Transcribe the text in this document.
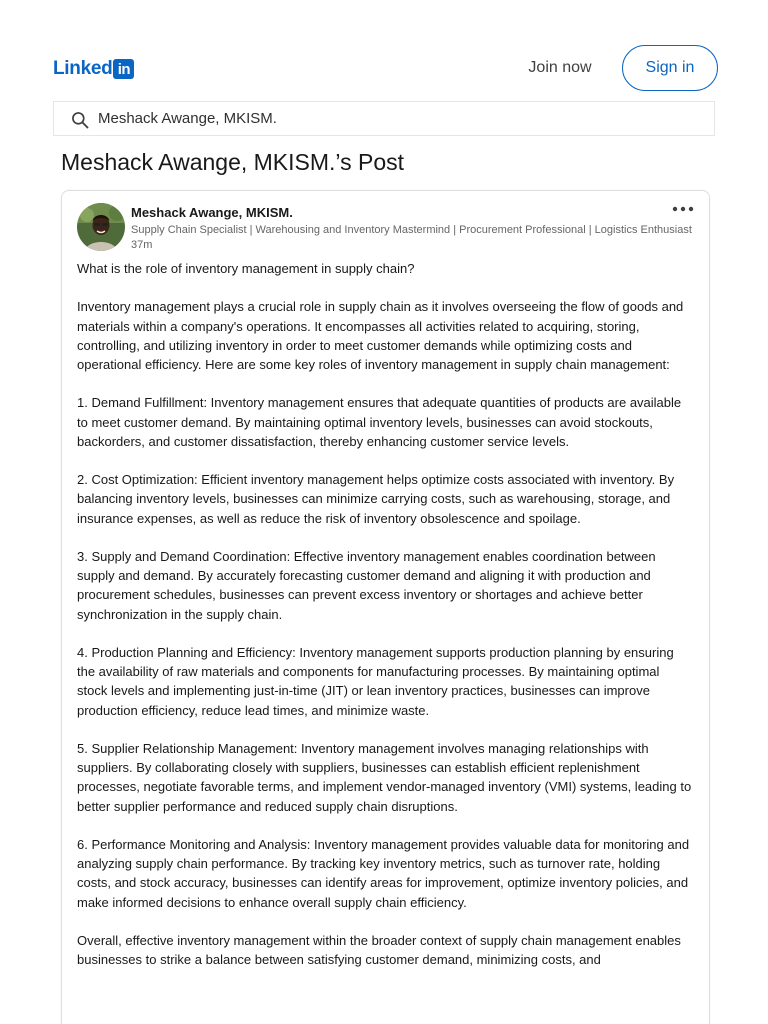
Linked in	Join now	Sign in
Meshack Awange, MKISM.
Meshack Awange, MKISM.’s Post
Meshack Awange, MKISM.
Supply Chain Specialist | Warehousing and Inventory Mastermind | Procurement Professional | Logistics Enthusiast
37m

What is the role of inventory management in supply chain?

Inventory management plays a crucial role in supply chain as it involves overseeing the flow of goods and materials within a company's operations. It encompasses all activities related to acquiring, storing, controlling, and utilizing inventory in order to meet customer demands while optimizing costs and operational efficiency. Here are some key roles of inventory management in supply chain management:

1. Demand Fulfillment: Inventory management ensures that adequate quantities of products are available to meet customer demand. By maintaining optimal inventory levels, businesses can avoid stockouts, backorders, and customer dissatisfaction, thereby enhancing customer service levels.

2. Cost Optimization: Efficient inventory management helps optimize costs associated with inventory. By balancing inventory levels, businesses can minimize carrying costs, such as warehousing, storage, and insurance expenses, as well as reduce the risk of inventory obsolescence and spoilage.

3. Supply and Demand Coordination: Effective inventory management enables coordination between supply and demand. By accurately forecasting customer demand and aligning it with production and procurement schedules, businesses can prevent excess inventory or shortages and achieve better synchronization in the supply chain.

4. Production Planning and Efficiency: Inventory management supports production planning by ensuring the availability of raw materials and components for manufacturing processes. By maintaining optimal stock levels and implementing just-in-time (JIT) or lean inventory practices, businesses can improve production efficiency, reduce lead times, and minimize waste.

5. Supplier Relationship Management: Inventory management involves managing relationships with suppliers. By collaborating closely with suppliers, businesses can establish efficient replenishment processes, negotiate favorable terms, and implement vendor-managed inventory (VMI) systems, leading to better supplier performance and reduced supply chain disruptions.

6. Performance Monitoring and Analysis: Inventory management provides valuable data for monitoring and analyzing supply chain performance. By tracking key inventory metrics, such as turnover rate, holding costs, and stock accuracy, businesses can identify areas for improvement, optimize inventory policies, and make informed decisions to enhance overall supply chain efficiency.

Overall, effective inventory management within the broader context of supply chain management enables businesses to strike a balance between satisfying customer demand, minimizing costs, and
